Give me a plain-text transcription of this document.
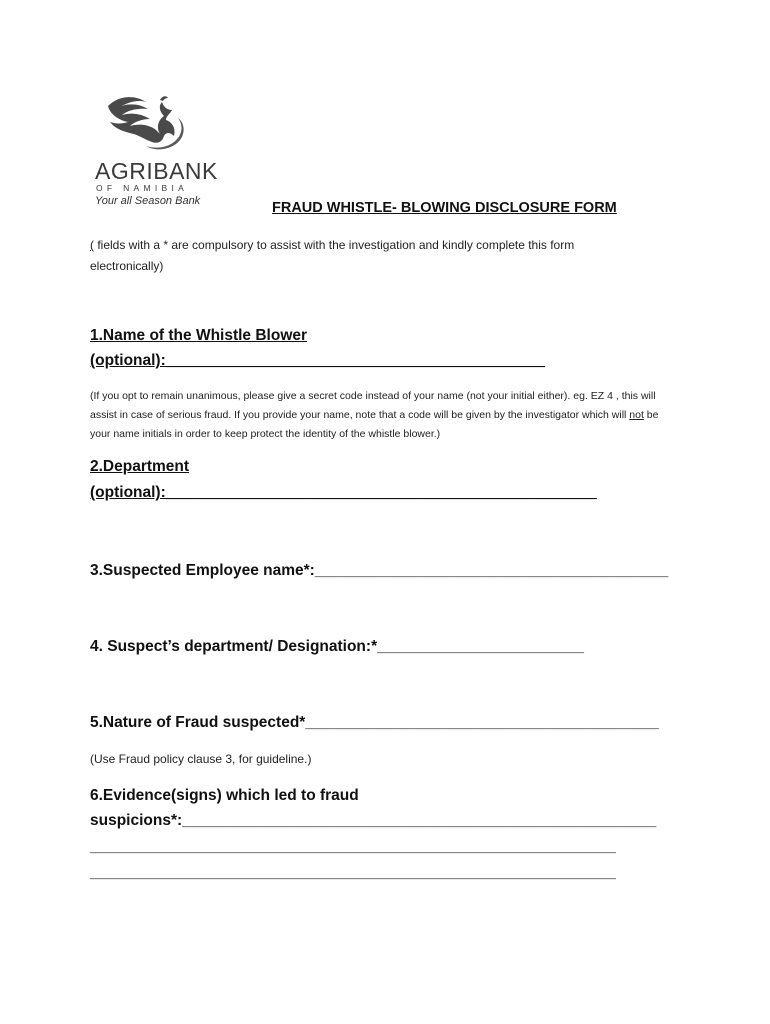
AGRIBANK
OF NAMIBIA
Your all Season Bank	FRAUD WHISTLE- BLOWING DISCLOSURE FORM
( fields with a * are compulsory to assist with the investigation and kindly complete this form electronically)
1.Name of the Whistle Blower
(optional):____________________________________________
(If you opt to remain unanimous, please give a secret code instead of your name (not your initial either). eg. EZ 4 , this will assist in case of serious fraud. If you provide your name, note that a code will be given by the investigator which will not be your name initials in order to keep protect the identity of the whistle blower.)
2.Department
(optional):__________________________________________________
3.Suspected Employee name*:_________________________________________
4. Suspect’s department/ Designation:*________________________
5.Nature of Fraud suspected*_________________________________________
(Use Fraud policy clause 3, for guideline.)
6.Evidence(signs) which led to fraud
suspicions*:_______________________________________________________
_____________________________________________________________
_____________________________________________________________
